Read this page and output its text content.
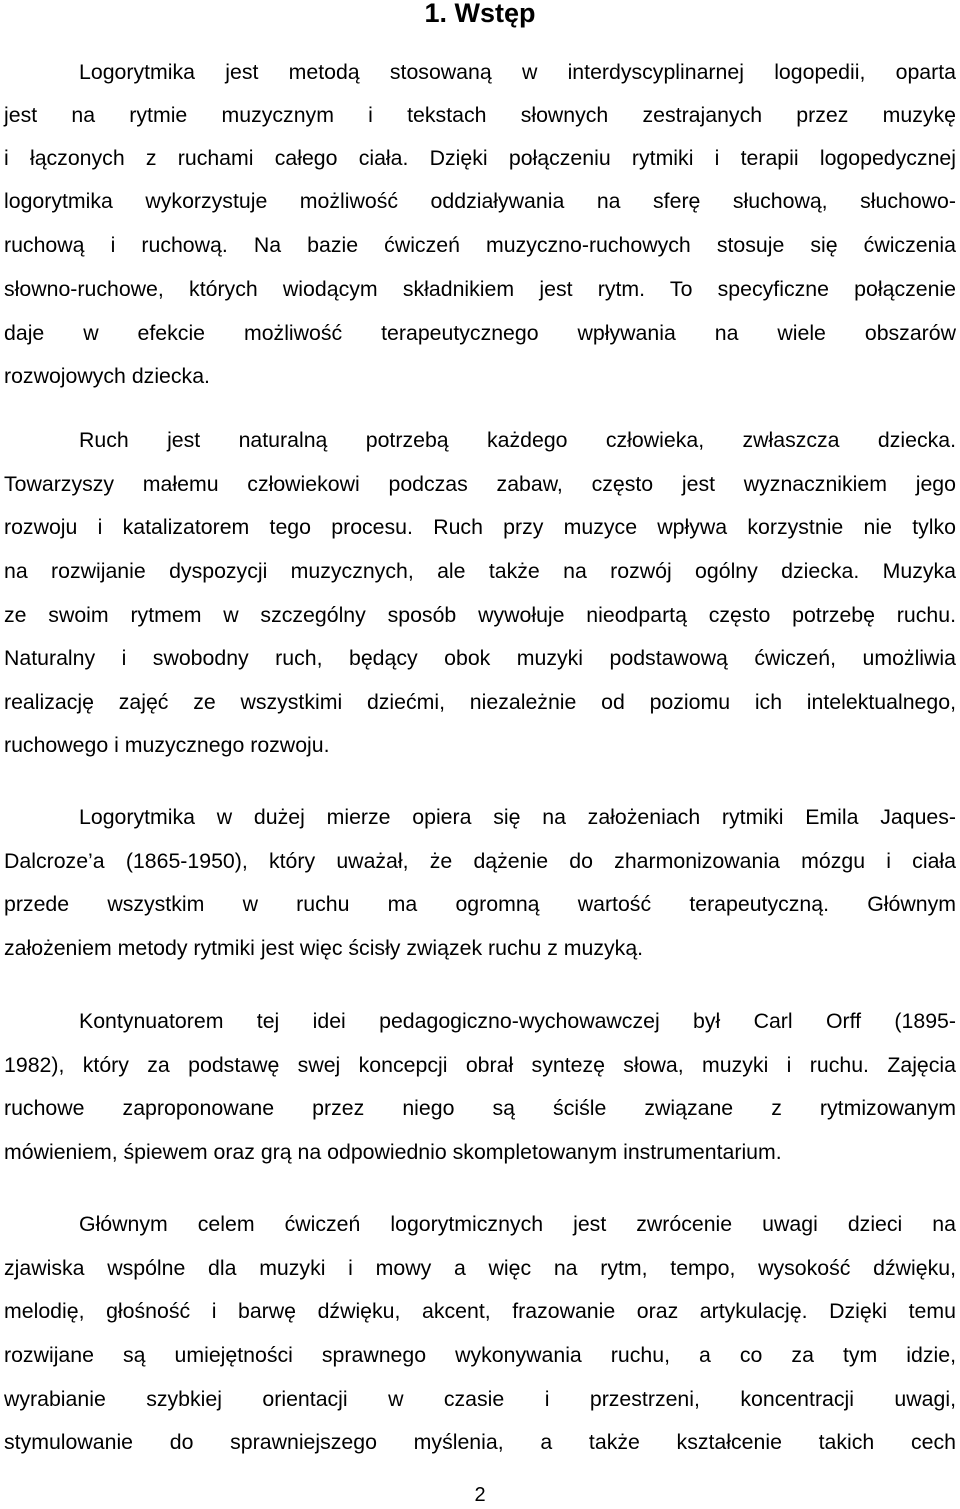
1. Wstęp
Logorytmika jest metodą stosowaną w interdyscyplinarnej logopedii, oparta
jest na rytmie muzycznym i tekstach słownych zestrajanych przez muzykę
i łączonych z ruchami całego ciała. Dzięki połączeniu rytmiki i terapii logopedycznej
logorytmika wykorzystuje możliwość oddziaływania na sferę słuchową, słuchowo-
ruchową i ruchową. Na bazie ćwiczeń muzyczno-ruchowych stosuje się ćwiczenia
słowno-ruchowe, których wiodącym składnikiem jest rytm. To specyficzne połączenie
daje w efekcie możliwość terapeutycznego wpływania na wiele obszarów
rozwojowych dziecka.
Ruch jest naturalną potrzebą każdego człowieka, zwłaszcza dziecka.
Towarzyszy małemu człowiekowi podczas zabaw, często jest wyznacznikiem jego
rozwoju i katalizatorem tego procesu. Ruch przy muzyce wpływa korzystnie nie tylko
na rozwijanie dyspozycji muzycznych, ale także na rozwój ogólny dziecka. Muzyka
ze swoim rytmem w szczególny sposób wywołuje nieodpartą często potrzebę ruchu.
Naturalny i swobodny ruch, będący obok muzyki podstawową ćwiczeń, umożliwia
realizację zajęć ze wszystkimi dziećmi, niezależnie od poziomu ich intelektualnego,
ruchowego i muzycznego rozwoju.
Logorytmika w dużej mierze opiera się na założeniach rytmiki Emila Jaques-
Dalcroze’a (1865-1950), który uważał, że dążenie do zharmonizowania mózgu i ciała
przede wszystkim w ruchu ma ogromną wartość terapeutyczną. Głównym
założeniem metody rytmiki jest więc ścisły związek ruchu z muzyką.
Kontynuatorem tej idei pedagogiczno-wychowawczej był Carl Orff (1895-
1982), który za podstawę swej koncepcji obrał syntezę słowa, muzyki i ruchu. Zajęcia
ruchowe zaproponowane przez niego są ściśle związane z rytmizowanym
mówieniem, śpiewem oraz grą na odpowiednio skompletowanym instrumentarium.
Głównym celem ćwiczeń logorytmicznych jest zwrócenie uwagi dzieci na
zjawiska wspólne dla muzyki i mowy a więc na rytm, tempo, wysokość dźwięku,
melodię, głośność i barwę dźwięku, akcent, frazowanie oraz artykulację. Dzięki temu
rozwijane są umiejętności sprawnego wykonywania ruchu, a co za tym idzie,
wyrabianie szybkiej orientacji w czasie i przestrzeni, koncentracji uwagi,
stymulowanie do sprawniejszego myślenia, a także kształcenie takich cech
2
